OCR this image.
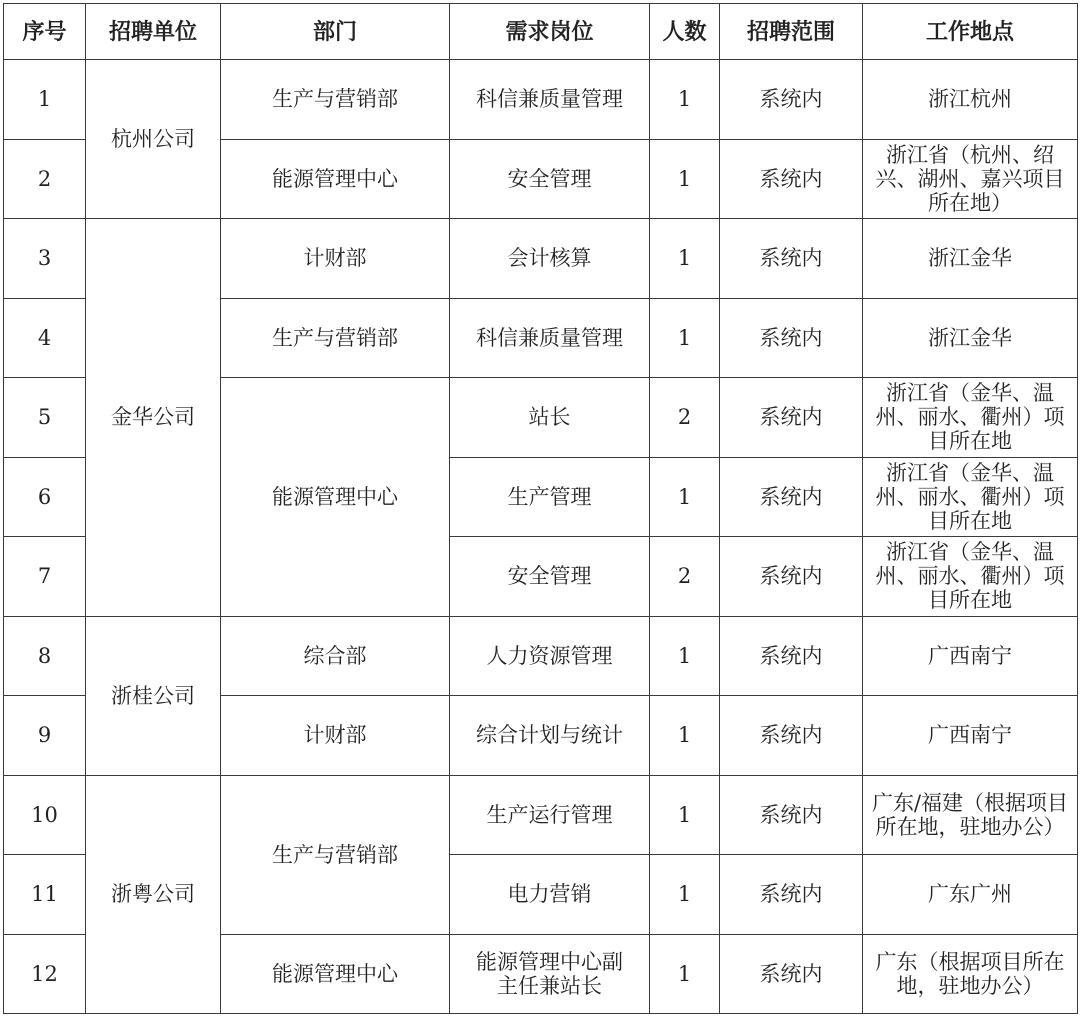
序号	招聘单位	部门	需求岗位	人数	招聘范围	工作地点
1	杭州公司	生产与营销部	科信兼质量管理	1	系统内	浙江杭州
2		能源管理中心	安全管理	1	系统内	浙江省（杭州、绍兴、湖州、嘉兴项目所在地）
3	金华公司	计财部	会计核算	1	系统内	浙江金华
4		生产与营销部	科信兼质量管理	1	系统内	浙江金华
5		能源管理中心	站长	2	系统内	浙江省（金华、温州、丽水、衢州）项目所在地
6			生产管理	1	系统内	浙江省（金华、温州、丽水、衢州）项目所在地
7			安全管理	2	系统内	浙江省（金华、温州、丽水、衢州）项目所在地
8	浙桂公司	综合部	人力资源管理	1	系统内	广西南宁
9		计财部	综合计划与统计	1	系统内	广西南宁
10	浙粤公司	生产与营销部	生产运行管理	1	系统内	广东/福建（根据项目所在地，驻地办公）
11			电力营销	1	系统内	广东广州
12		能源管理中心	能源管理中心副主任兼站长	1	系统内	广东（根据项目所在地，驻地办公）
